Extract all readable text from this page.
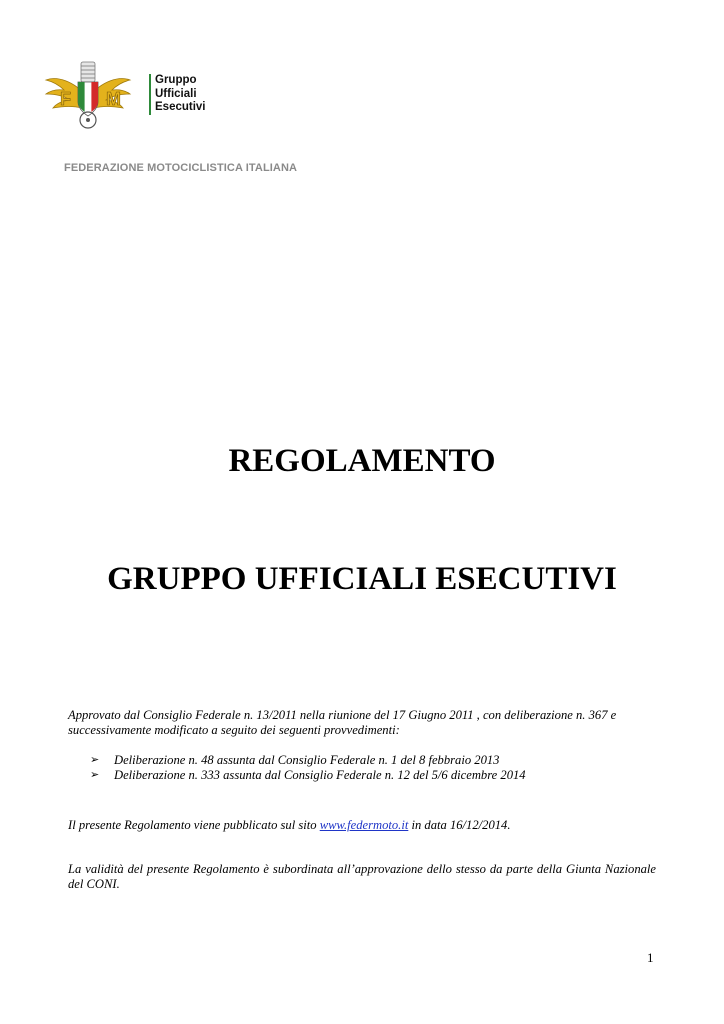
F M
Gruppo
Ufficiali
Esecutivi
FEDERAZIONE MOTOCICLISTICA ITALIANA
REGOLAMENTO
GRUPPO UFFICIALI ESECUTIVI
Approvato dal Consiglio Federale n. 13/2011 nella riunione del 17 Giugno 2011 , con deliberazione n. 367 e successivamente modificato a seguito dei seguenti provvedimenti:
➢ Deliberazione n. 48 assunta dal Consiglio Federale n. 1 del 8 febbraio 2013
➢ Deliberazione n. 333 assunta dal Consiglio Federale n. 12 del 5/6 dicembre 2014
Il presente Regolamento viene pubblicato sul sito www.federmoto.it in data 16/12/2014.
La validità del presente Regolamento è subordinata all’approvazione dello stesso da parte della Giunta Nazionale del CONI.
1
